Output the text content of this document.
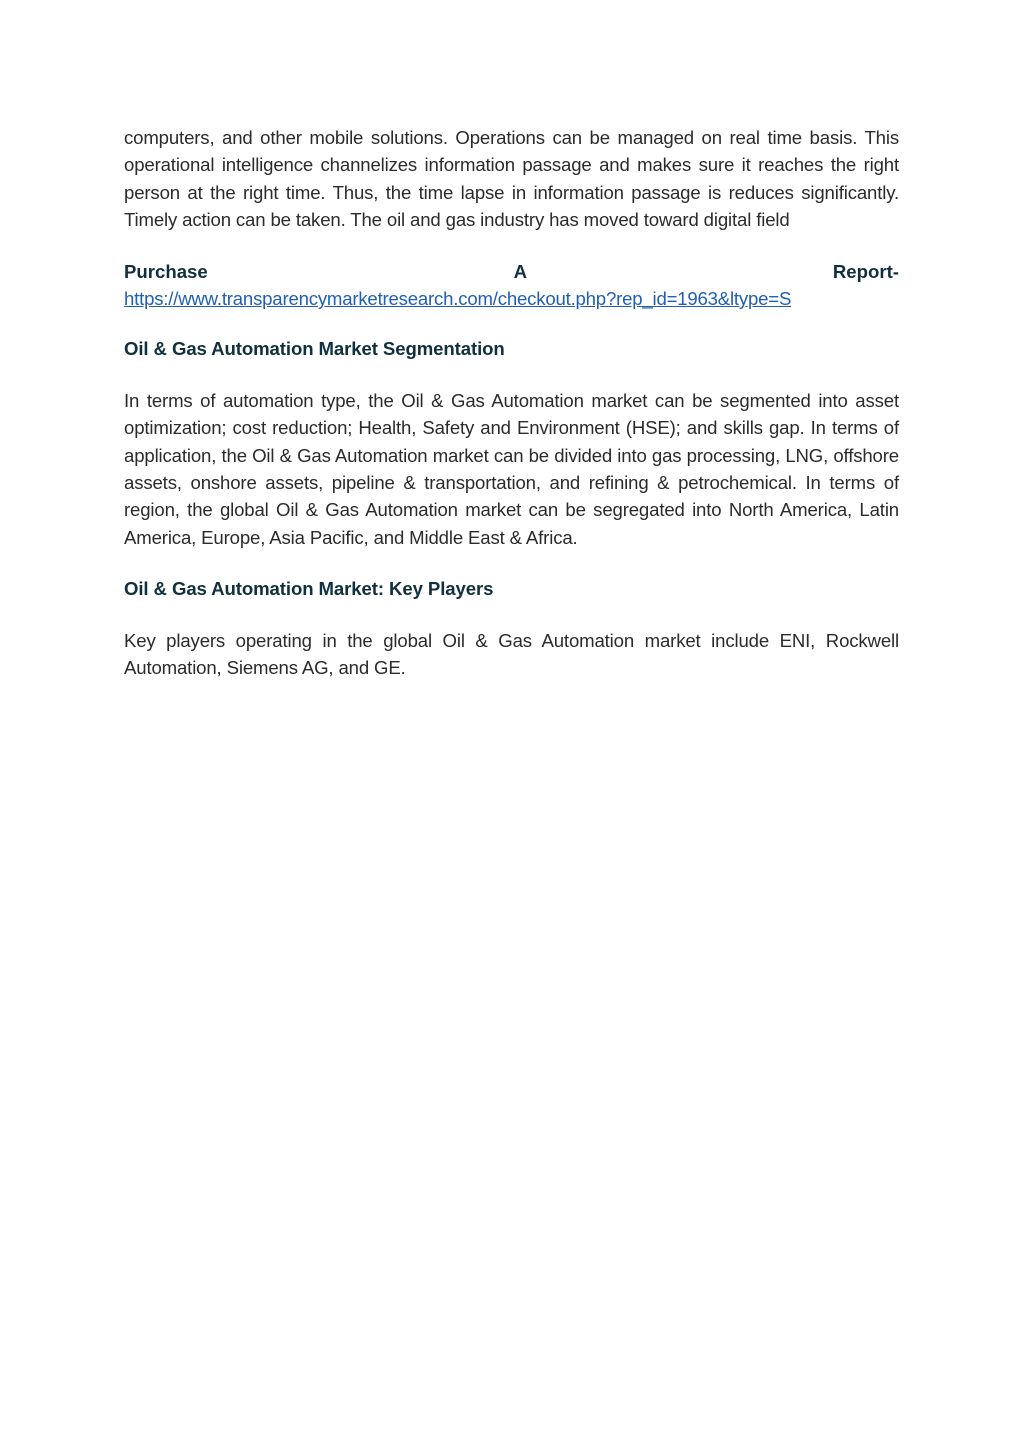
computers, and other mobile solutions. Operations can be managed on real time basis. This operational intelligence channelizes information passage and makes sure it reaches the right person at the right time. Thus, the time lapse in information passage is reduces significantly. Timely action can be taken. The oil and gas industry has moved toward digital field

Purchase	A	Report-
https://www.transparencymarketresearch.com/checkout.php?rep_id=1963&ltype=S
Oil & Gas Automation Market Segmentation

In terms of automation type, the Oil & Gas Automation market can be segmented into asset optimization; cost reduction; Health, Safety and Environment (HSE); and skills gap. In terms of application, the Oil & Gas Automation market can be divided into gas processing, LNG, offshore assets, onshore assets, pipeline & transportation, and refining & petrochemical. In terms of region, the global Oil & Gas Automation market can be segregated into North America, Latin America, Europe, Asia Pacific, and Middle East & Africa.

Oil & Gas Automation Market: Key Players

Key players operating in the global Oil & Gas Automation market include ENI, Rockwell Automation, Siemens AG, and GE.
